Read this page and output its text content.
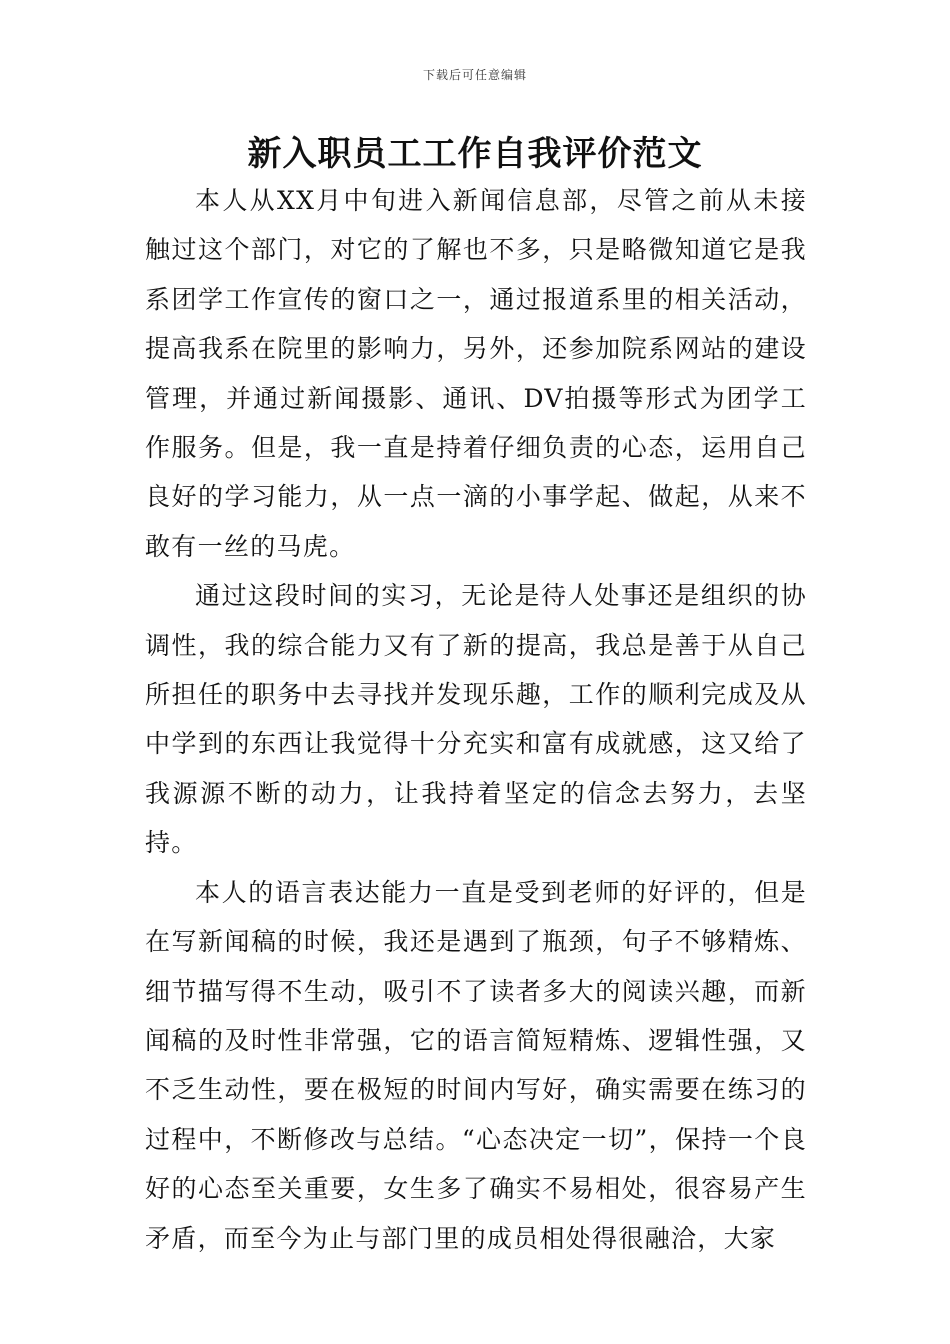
下载后可任意编辑
新入职员工工作自我评价范文

本人从XX月中旬进入新闻信息部，尽管之前从未接触过这个部门，对它的了解也不多，只是略微知道它是我系团学工作宣传的窗口之一，通过报道系里的相关活动，提高我系在院里的影响力，另外，还参加院系网站的建设管理，并通过新闻摄影、通讯、DV拍摄等形式为团学工作服务。但是，我一直是持着仔细负责的心态，运用自己良好的学习能力，从一点一滴的小事学起、做起，从来不敢有一丝的马虎。

通过这段时间的实习，无论是待人处事还是组织的协调性，我的综合能力又有了新的提高，我总是善于从自己所担任的职务中去寻找并发现乐趣，工作的顺利完成及从中学到的东西让我觉得十分充实和富有成就感，这又给了我源源不断的动力，让我持着坚定的信念去努力，去坚持。

本人的语言表达能力一直是受到老师的好评的，但是在写新闻稿的时候，我还是遇到了瓶颈，句子不够精炼、细节描写得不生动，吸引不了读者多大的阅读兴趣，而新闻稿的及时性非常强，它的语言简短精炼、逻辑性强，又不乏生动性，要在极短的时间内写好，确实需要在练习的过程中，不断修改与总结。“心态决定一切”，保持一个良好的心态至关重要，女生多了确实不易相处，很容易产生矛盾，而至今为止与部门里的成员相处得很融洽，大家
